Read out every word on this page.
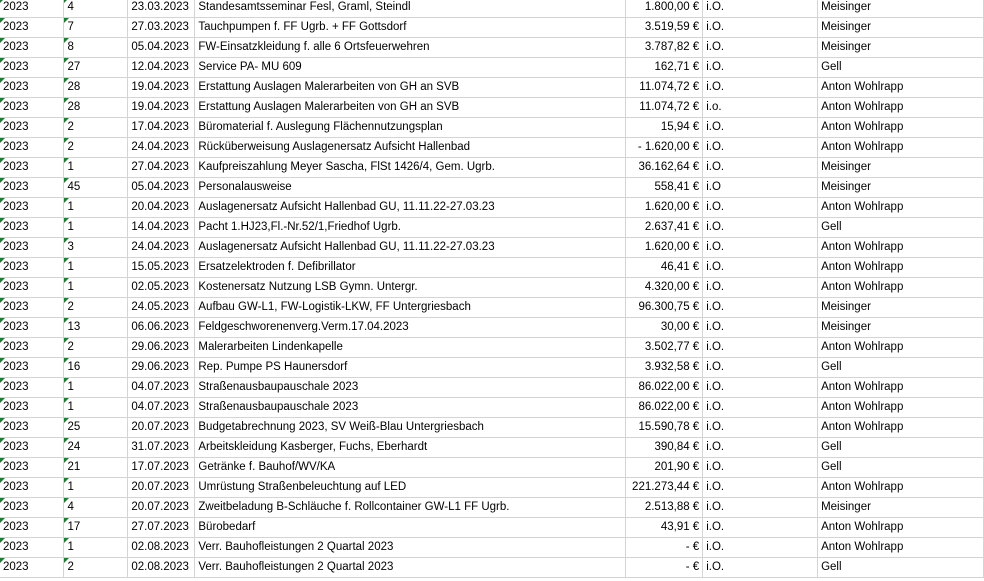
2023	4	23.03.2023	Standesamtsseminar Fesl, Graml, Steindl	1.800,00 €	i.O.	Meisinger
2023	7	27.03.2023	Tauchpumpen f. FF Ugrb. + FF Gottsdorf	3.519,59 €	i.O.	Meisinger
2023	8	05.04.2023	FW-Einsatzkleidung f. alle 6 Ortsfeuerwehren	3.787,82 €	i.O.	Meisinger
2023	27	12.04.2023	Service PA- MU 609	162,71 €	i.O.	Gell
2023	28	19.04.2023	Erstattung Auslagen Malerarbeiten von GH an SVB	11.074,72 €	i.O.	Anton Wohlrapp
2023	28	19.04.2023	Erstattung Auslagen Malerarbeiten von GH an SVB	11.074,72 €	i.o.	Anton Wohlrapp
2023	2	17.04.2023	Büromaterial f. Auslegung Flächennutzungsplan	15,94 €	i.O.	Anton Wohlrapp
2023	2	24.04.2023	Rücküberweisung Auslagenersatz Aufsicht Hallenbad	- 1.620,00 €	i.O.	Anton Wohlrapp
2023	1	27.04.2023	Kaufpreiszahlung Meyer Sascha, FlSt 1426/4, Gem. Ugrb.	36.162,64 €	i.O.	Meisinger
2023	45	05.04.2023	Personalausweise	558,41 €	i.O	Meisinger
2023	1	20.04.2023	Auslagenersatz Aufsicht Hallenbad GU, 11.11.22-27.03.23	1.620,00 €	i.O.	Anton Wohlrapp
2023	1	14.04.2023	Pacht 1.HJ23,Fl.-Nr.52/1,Friedhof Ugrb.	2.637,41 €	i.O.	Gell
2023	3	24.04.2023	Auslagenersatz Aufsicht Hallenbad GU, 11.11.22-27.03.23	1.620,00 €	i.O.	Anton Wohlrapp
2023	1	15.05.2023	Ersatzelektroden f. Defibrillator	46,41 €	i.O.	Anton Wohlrapp
2023	1	02.05.2023	Kostenersatz Nutzung LSB Gymn. Untergr.	4.320,00 €	i.O.	Anton Wohlrapp
2023	2	24.05.2023	Aufbau GW-L1, FW-Logistik-LKW, FF Untergriesbach	96.300,75 €	i.O.	Meisinger
2023	13	06.06.2023	Feldgeschworenenverg.Verm.17.04.2023	30,00 €	i.O.	Meisinger
2023	2	29.06.2023	Malerarbeiten Lindenkapelle	3.502,77 €	i.O.	Anton Wohlrapp
2023	16	29.06.2023	Rep. Pumpe PS Haunersdorf	3.932,58 €	i.O.	Gell
2023	1	04.07.2023	Straßenausbaupauschale 2023	86.022,00 €	i.O.	Anton Wohlrapp
2023	1	04.07.2023	Straßenausbaupauschale 2023	86.022,00 €	i.O.	Anton Wohlrapp
2023	25	20.07.2023	Budgetabrechnung 2023, SV Weiß-Blau Untergriesbach	15.590,78 €	i.O.	Anton Wohlrapp
2023	24	31.07.2023	Arbeitskleidung Kasberger, Fuchs, Eberhardt	390,84 €	i.O.	Gell
2023	21	17.07.2023	Getränke f. Bauhof/WV/KA	201,90 €	i.O.	Gell
2023	1	20.07.2023	Umrüstung Straßenbeleuchtung auf LED	221.273,44 €	i.O.	Anton Wohlrapp
2023	4	20.07.2023	Zweitbeladung B-Schläuche f. Rollcontainer GW-L1 FF Ugrb.	2.513,88 €	i.O.	Meisinger
2023	17	27.07.2023	Bürobedarf	43,91 €	i.O.	Anton Wohlrapp
2023	1	02.08.2023	Verr. Bauhofleistungen 2 Quartal 2023	- €	i.O.	Anton Wohlrapp
2023	2	02.08.2023	Verr. Bauhofleistungen 2 Quartal 2023	- €	i.O.	Gell
